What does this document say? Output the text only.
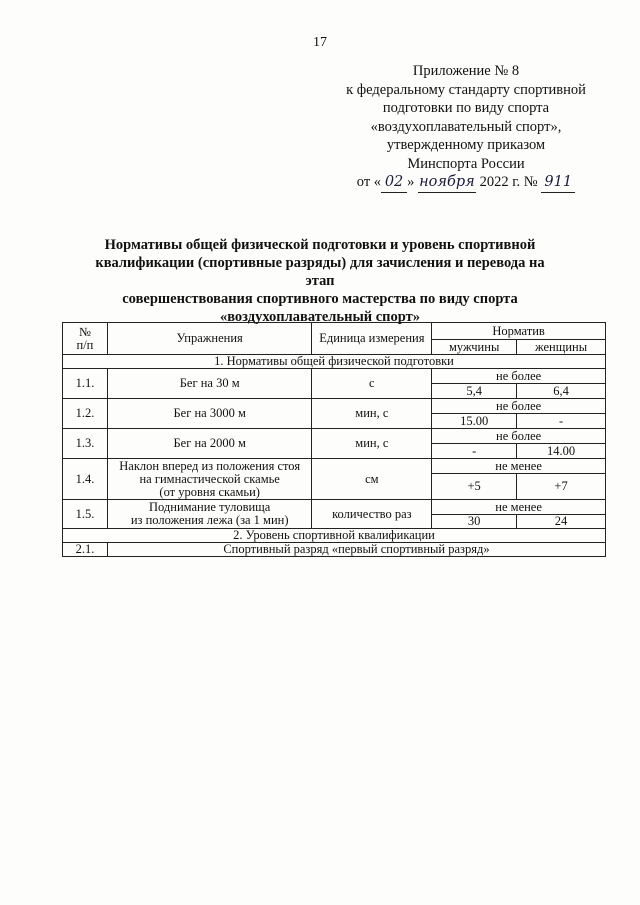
17
Приложение № 8
к федеральному стандарту спортивной
подготовки по виду спорта
«воздухоплавательный спорт»,
утвержденному приказом
Минспорта России
от « 02 » ноября 2022 г. № 911
Нормативы общей физической подготовки и уровень спортивной
квалификации (спортивные разряды) для зачисления и перевода на этап
совершенствования спортивного мастерства по виду спорта
«воздухоплавательный спорт»
№
п/п	Упражнения	Единица измерения	Норматив	
			мужчины	женщины
1. Нормативы общей физической подготовки				
1.1.	Бег на 30 м	с	не более	
			5,4	6,4
1.2.	Бег на 3000 м	мин, с	не более	
			15.00	-
1.3.	Бег на 2000 м	мин, с	не более	
			-	14.00
1.4.	Наклон вперед из положения стоя
на гимнастической скамье
(от уровня скамьи)	см	не менее	
			+5	+7
1.5.	Поднимание туловища
из положения лежа (за 1 мин)	количество раз	не менее	
			30	24
2. Уровень спортивной квалификации				
2.1.	Спортивный разряд «первый спортивный разряд»			
